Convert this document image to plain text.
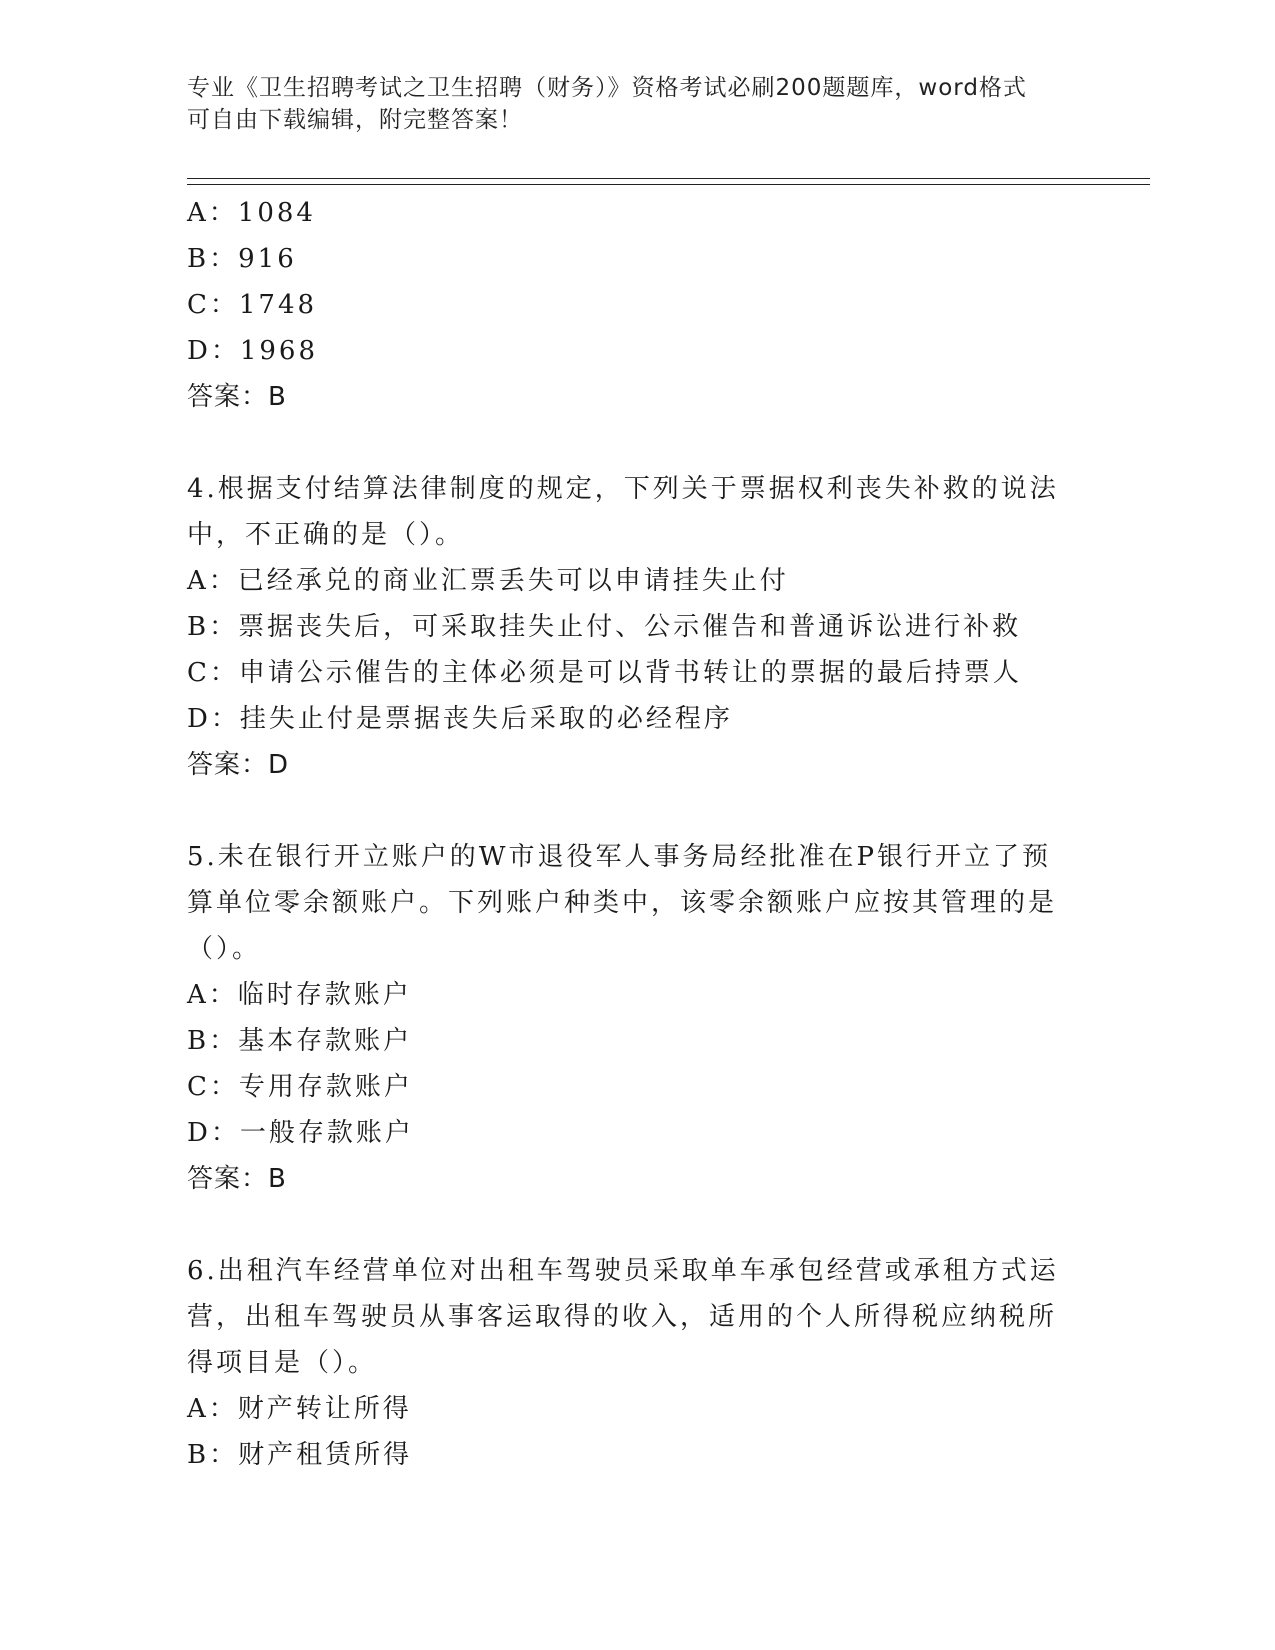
专业《卫生招聘考试之卫生招聘（财务）》资格考试必刷200题题库，word格式
可自由下载编辑，附完整答案！
A：1084
B：916
C：1748
D：1968
答案：B
4.根据支付结算法律制度的规定，下列关于票据权利丧失补救的说法
中，不正确的是（）。
A：已经承兑的商业汇票丢失可以申请挂失止付
B：票据丧失后，可采取挂失止付、公示催告和普通诉讼进行补救
C：申请公示催告的主体必须是可以背书转让的票据的最后持票人
D：挂失止付是票据丧失后采取的必经程序
答案：D
5.未在银行开立账户的W市退役军人事务局经批准在P银行开立了预
算单位零余额账户。下列账户种类中，该零余额账户应按其管理的是
（）。
A：临时存款账户
B：基本存款账户
C：专用存款账户
D：一般存款账户
答案：B
6.出租汽车经营单位对出租车驾驶员采取单车承包经营或承租方式运
营，出租车驾驶员从事客运取得的收入，适用的个人所得税应纳税所
得项目是（）。
A：财产转让所得
B：财产租赁所得
